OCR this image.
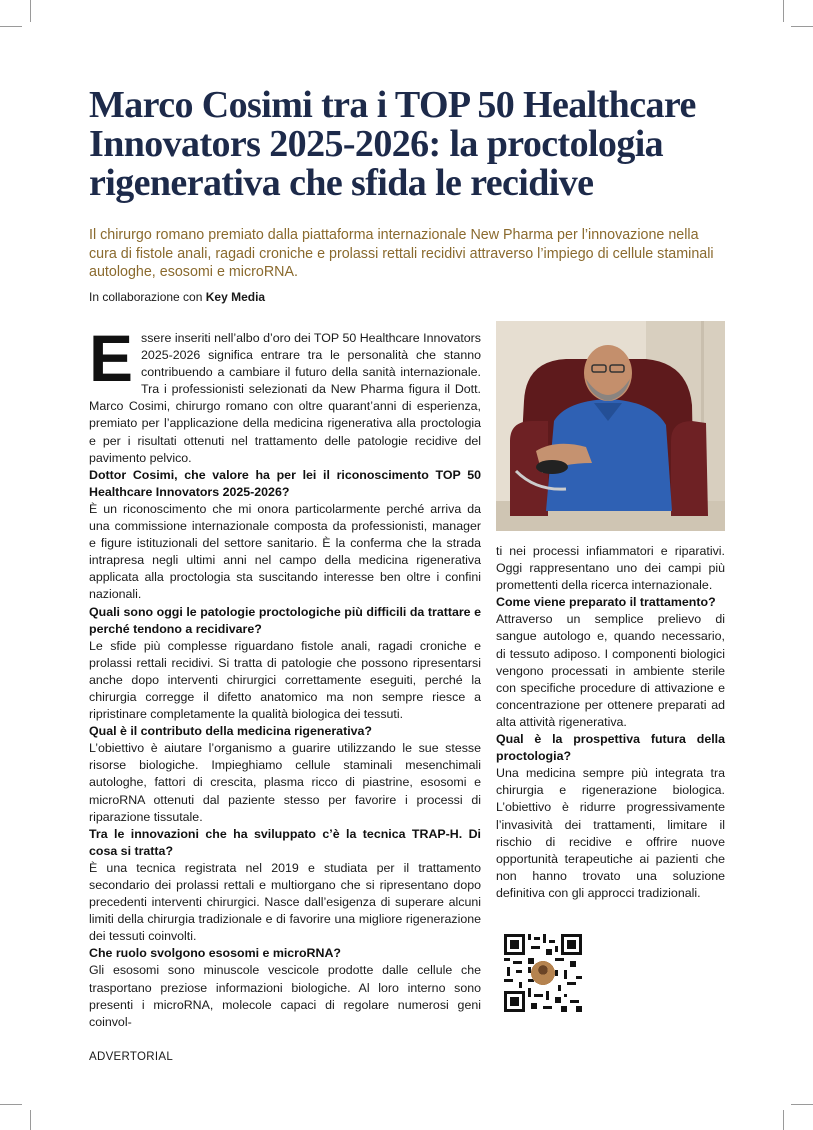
Marco Cosimi tra i TOP 50 Healthcare Innovators 2025-2026: la proctologia rigenerativa che sfida le recidive

Il chirurgo romano premiato dalla piattaforma internazionale New Pharma per l’innovazione nella cura di fistole anali, ragadi croniche e prolassi rettali recidivi attraverso l’impiego di cellule staminali autologhe, esosomi e microRNA.

In collaborazione con Key Media

Essere inseriti nell’albo d’oro dei TOP 50 Healthcare Innovators 2025-2026 significa entrare tra le personalità che stanno contribuendo a cambiare il futuro della sanità internazionale. Tra i professionisti selezionati da New Pharma figura il Dott. Marco Cosimi, chirurgo romano con oltre quarant’anni di esperienza, premiato per l’applicazione della medicina rigenerativa alla proctologia e per i risultati ottenuti nel trattamento delle patologie recidive del pavimento pelvico.

Dottor Cosimi, che valore ha per lei il riconoscimento TOP 50 Healthcare Innovators 2025-2026?

È un riconoscimento che mi onora particolarmente perché arriva da una commissione internazionale composta da professionisti, manager e figure istituzionali del settore sanitario. È la conferma che la strada intrapresa negli ultimi anni nel campo della medicina rigenerativa applicata alla proctologia sta suscitando interesse ben oltre i confini nazionali.

Quali sono oggi le patologie proctologiche più difficili da trattare e perché tendono a recidivare?

Le sfide più complesse riguardano fistole anali, ragadi croniche e prolassi rettali recidivi. Si tratta di patologie che possono ripresentarsi anche dopo interventi chirurgici correttamente eseguiti, perché la chirurgia corregge il difetto anatomico ma non sempre riesce a ripristinare completamente la qualità biologica dei tessuti.

Qual è il contributo della medicina rigenerativa?

L’obiettivo è aiutare l’organismo a guarire utilizzando le sue stesse risorse biologiche. Impieghiamo cellule staminali mesenchimali autologhe, fattori di crescita, plasma ricco di piastrine, esosomi e microRNA ottenuti dal paziente stesso per favorire i processi di riparazione tissutale.

Tra le innovazioni che ha sviluppato c’è la tecnica TRAP-H. Di cosa si tratta?

È una tecnica registrata nel 2019 e studiata per il trattamento secondario dei prolassi rettali e multiorgano che si ripresentano dopo precedenti interventi chirurgici. Nasce dall’esigenza di superare alcuni limiti della chirurgia tradizionale e di favorire una migliore rigenerazione dei tessuti coinvolti.

Che ruolo svolgono esosomi e microRNA?

Gli esosomi sono minuscole vescicole prodotte dalle cellule che trasportano preziose informazioni biologiche. Al loro interno sono presenti i microRNA, molecole capaci di regolare numerosi geni coinvol-

ti nei processi infiammatori e riparativi. Oggi rappresentano uno dei campi più promettenti della ricerca internazionale.

Come viene preparato il trattamento?

Attraverso un semplice prelievo di sangue autologo e, quando necessario, di tessuto adiposo. I componenti biologici vengono processati in ambiente sterile con specifiche procedure di attivazione e concentrazione per ottenere preparati ad alta attività rigenerativa.

Qual è la prospettiva futura della proctologia?

Una medicina sempre più integrata tra chirurgia e rigenerazione biologica. L’obiettivo è ridurre progressivamente l’invasività dei trattamenti, limitare il rischio di recidive e offrire nuove opportunità terapeutiche ai pazienti che non hanno trovato una soluzione definitiva con gli approcci tradizionali.

ADVERTORIAL
